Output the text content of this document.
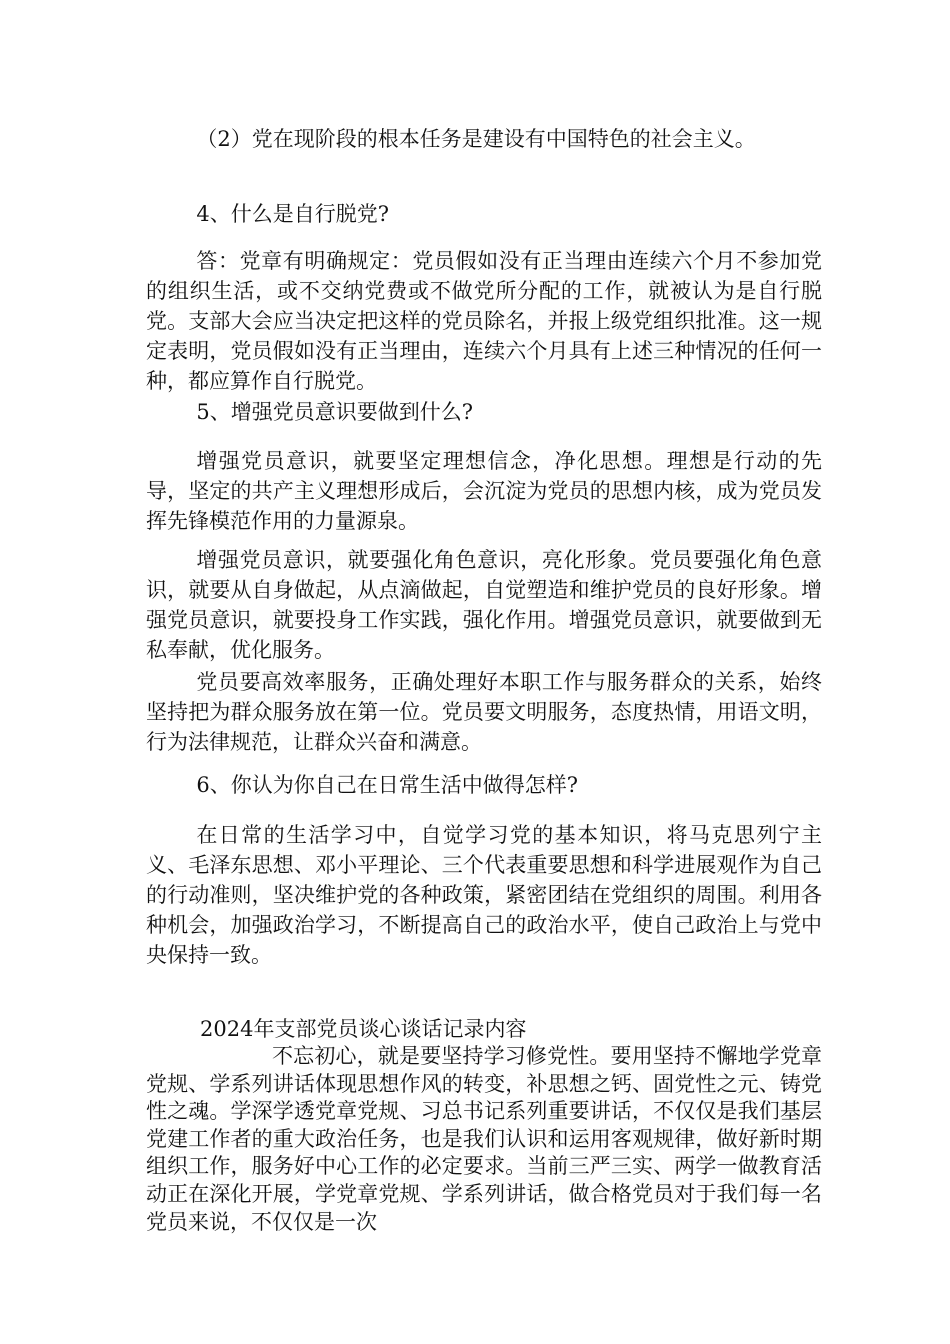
（2）党在现阶段的根本任务是建设有中国特色的社会主义。

4、什么是自行脱党?

答：党章有明确规定：党员假如没有正当理由连续六个月不参加党的组织生活，或不交纳党费或不做党所分配的工作，就被认为是自行脱党。支部大会应当决定把这样的党员除名，并报上级党组织批准。这一规定表明，党员假如没有正当理由，连续六个月具有上述三种情况的任何一种，都应算作自行脱党。

5、增强党员意识要做到什么?

增强党员意识，就要坚定理想信念，净化思想。理想是行动的先导，坚定的共产主义理想形成后，会沉淀为党员的思想内核，成为党员发挥先锋模范作用的力量源泉。

增强党员意识，就要强化角色意识，亮化形象。党员要强化角色意识，就要从自身做起，从点滴做起，自觉塑造和维护党员的良好形象。增强党员意识，就要投身工作实践，强化作用。增强党员意识，就要做到无私奉献，优化服务。

党员要高效率服务，正确处理好本职工作与服务群众的关系，始终坚持把为群众服务放在第一位。党员要文明服务，态度热情，用语文明，行为法律规范，让群众兴奋和满意。

6、你认为你自己在日常生活中做得怎样?

在日常的生活学习中，自觉学习党的基本知识，将马克思列宁主义、毛泽东思想、邓小平理论、三个代表重要思想和科学进展观作为自己的行动准则，坚决维护党的各种政策，紧密团结在党组织的周围。利用各种机会，加强政治学习，不断提高自己的政治水平，使自己政治上与党中央保持一致。

2024年支部党员谈心谈话记录内容

不忘初心，就是要坚持学习修党性。要用坚持不懈地学党章党规、学系列讲话体现思想作风的转变，补思想之钙、固党性之元、铸党性之魂。学深学透党章党规、习总书记系列重要讲话，不仅仅是我们基层党建工作者的重大政治任务，也是我们认识和运用客观规律，做好新时期组织工作，服务好中心工作的必定要求。当前三严三实、两学一做教育活动正在深化开展，学党章党规、学系列讲话，做合格党员对于我们每一名党员来说，不仅仅是一次
